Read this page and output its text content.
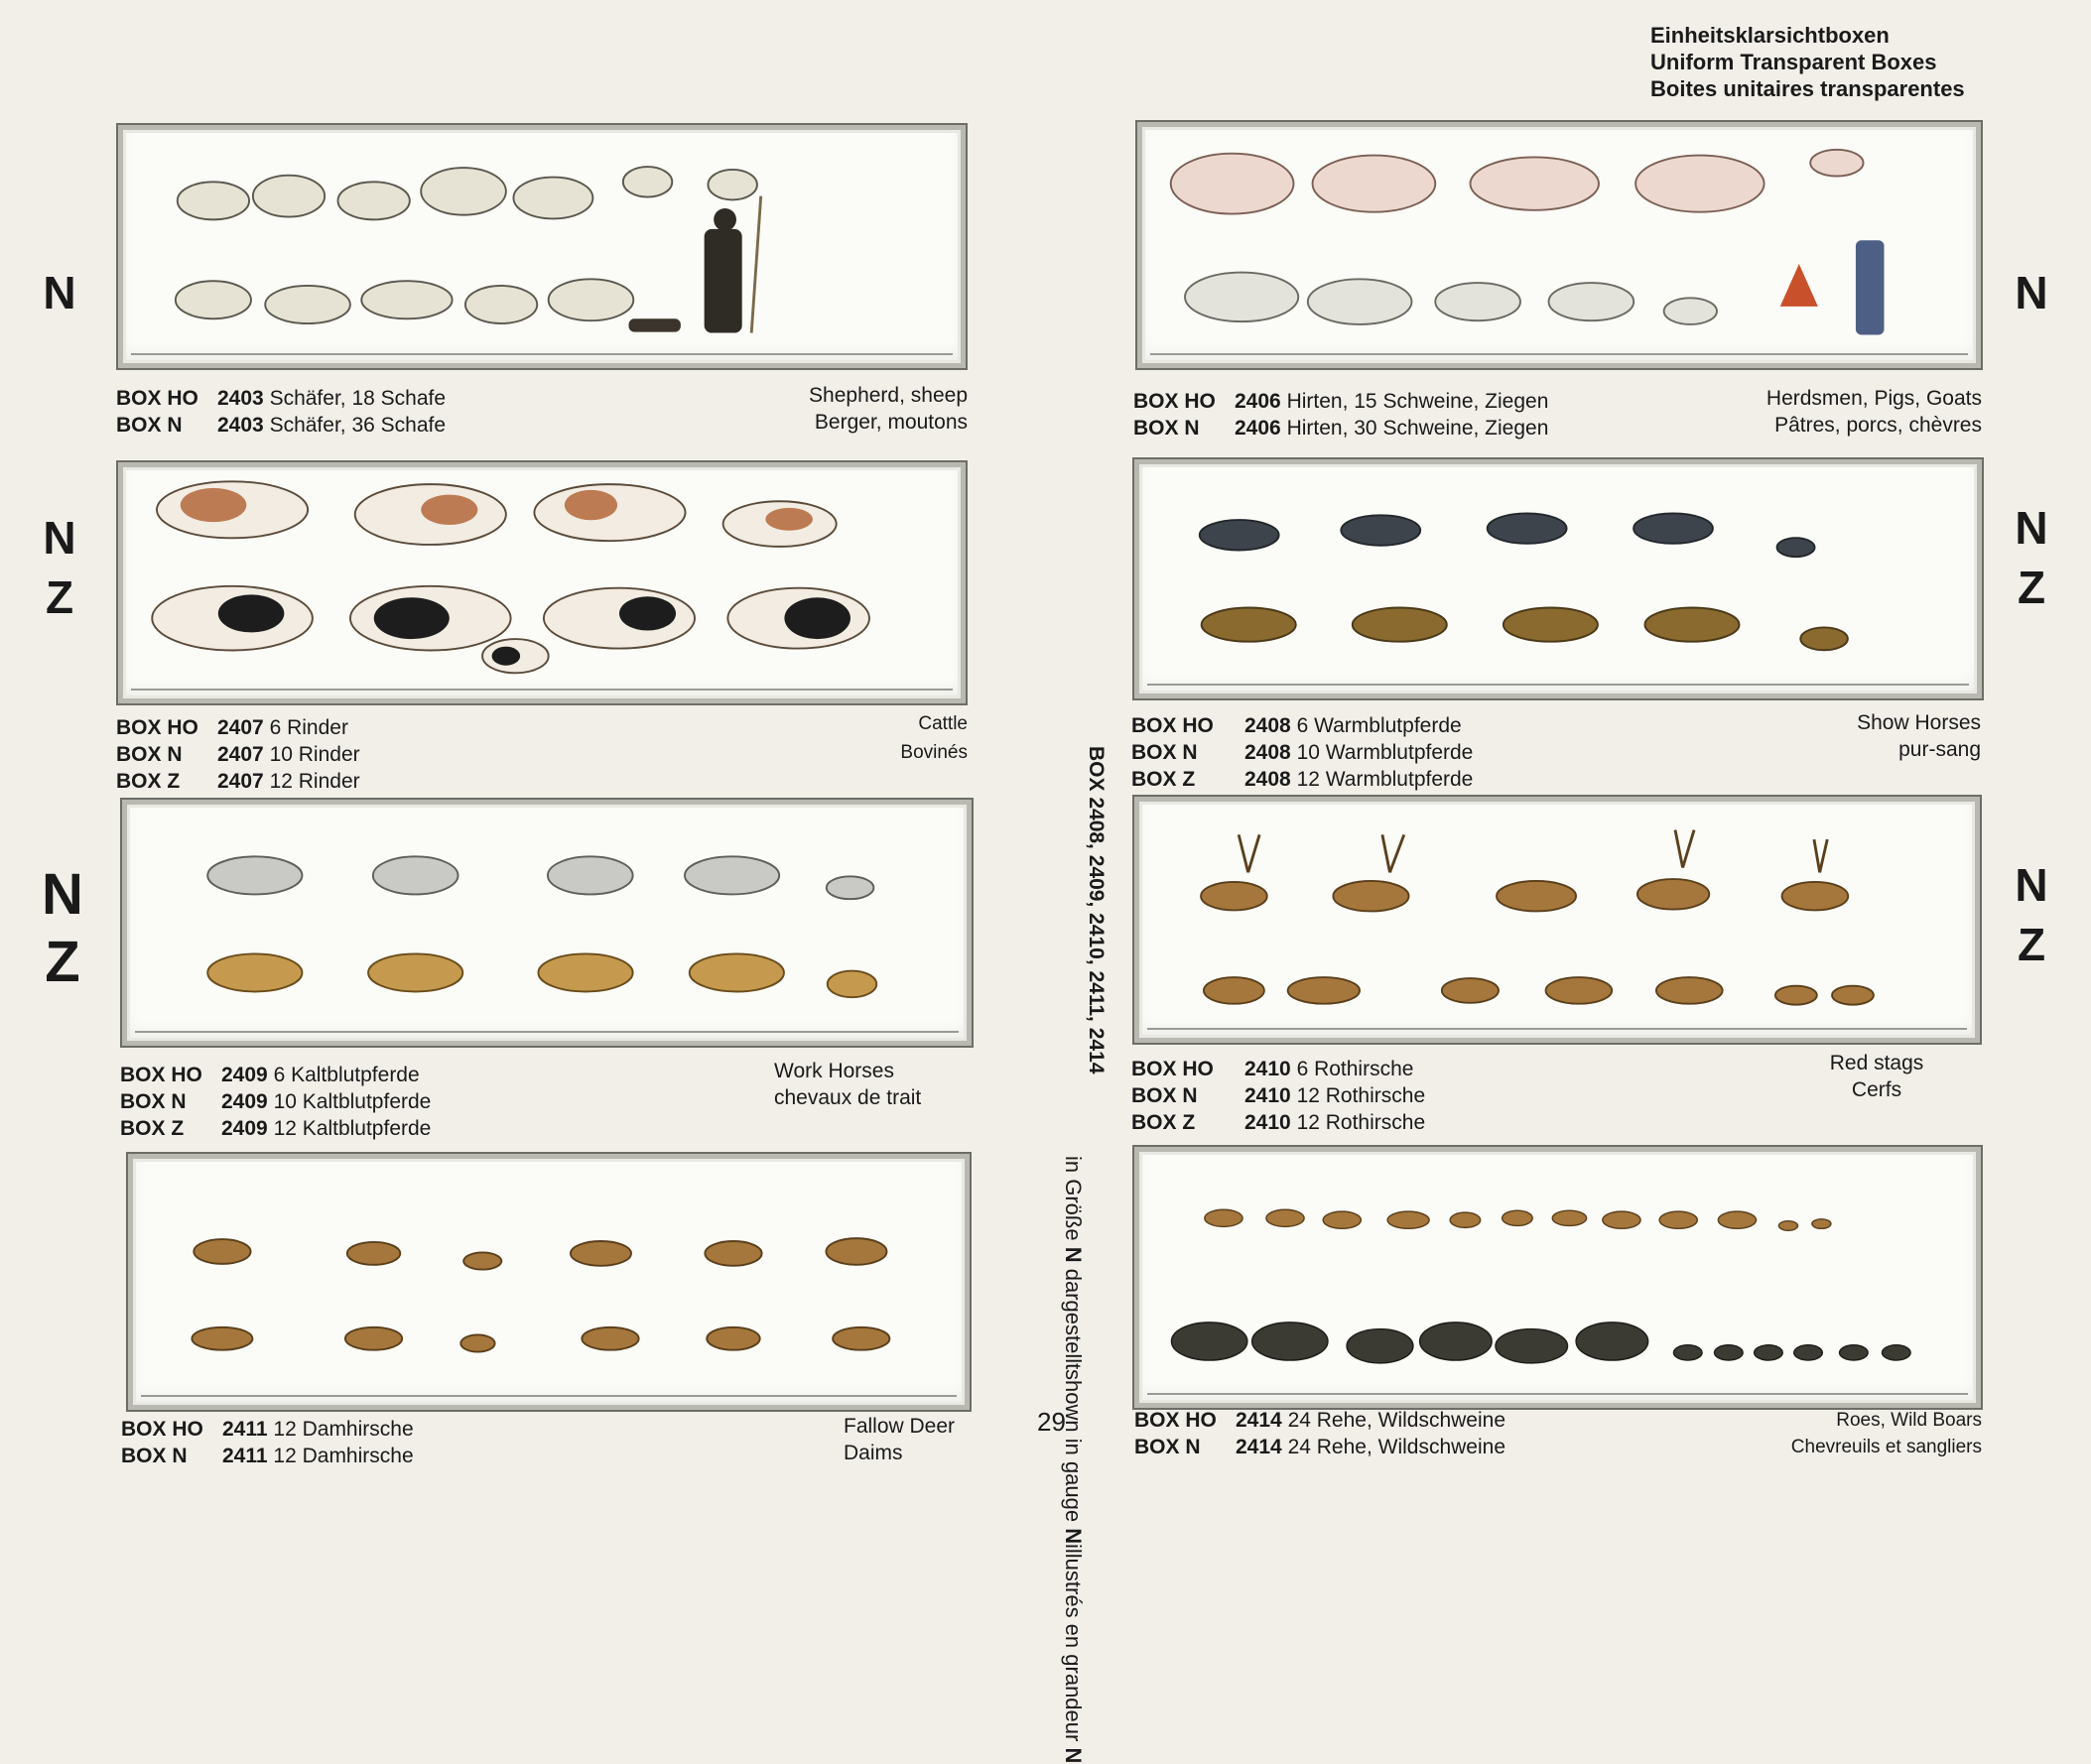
Einheitsklarsichtboxen
Uniform Transparent Boxes
Boites unitaires transparentes
N
N
Z
N
Z
N
N
Z
N
Z
BOX HO 2403 Schäfer, 18 Schafe
BOX N 2403 Schäfer, 36 Schafe
Shepherd, sheep
Berger, moutons
BOX HO 2406 Hirten, 15 Schweine, Ziegen
BOX N 2406 Hirten, 30 Schweine, Ziegen
Herdsmen, Pigs, Goats
Pâtres, porcs, chèvres
BOX HO 2407 6 Rinder
BOX N 2407 10 Rinder
BOX Z 2407 12 Rinder
Cattle
Bovinés
BOX HO 2408 6 Warmblutpferde
BOX N 2408 10 Warmblutpferde
BOX Z 2408 12 Warmblutpferde
Show Horses
pur-sang
BOX HO 2409 6 Kaltblutpferde
BOX N 2409 10 Kaltblutpferde
BOX Z 2409 12 Kaltblutpferde
Work Horses
chevaux de trait
BOX HO 2410 6 Rothirsche
BOX N 2410 12 Rothirsche
BOX Z 2410 12 Rothirsche
Red stags
Cerfs
BOX HO 2411 12 Damhirsche
BOX N 2411 12 Damhirsche
Fallow Deer
Daims
BOX HO 2414 24 Rehe, Wildschweine
BOX N 2414 24 Rehe, Wildschweine
Roes, Wild Boars
Chevreuils et sangliers
BOX 2408, 2409, 2410, 2411, 2414
in Größe N dargestellt
shown in gauge N
illustrés en grandeur N
29
